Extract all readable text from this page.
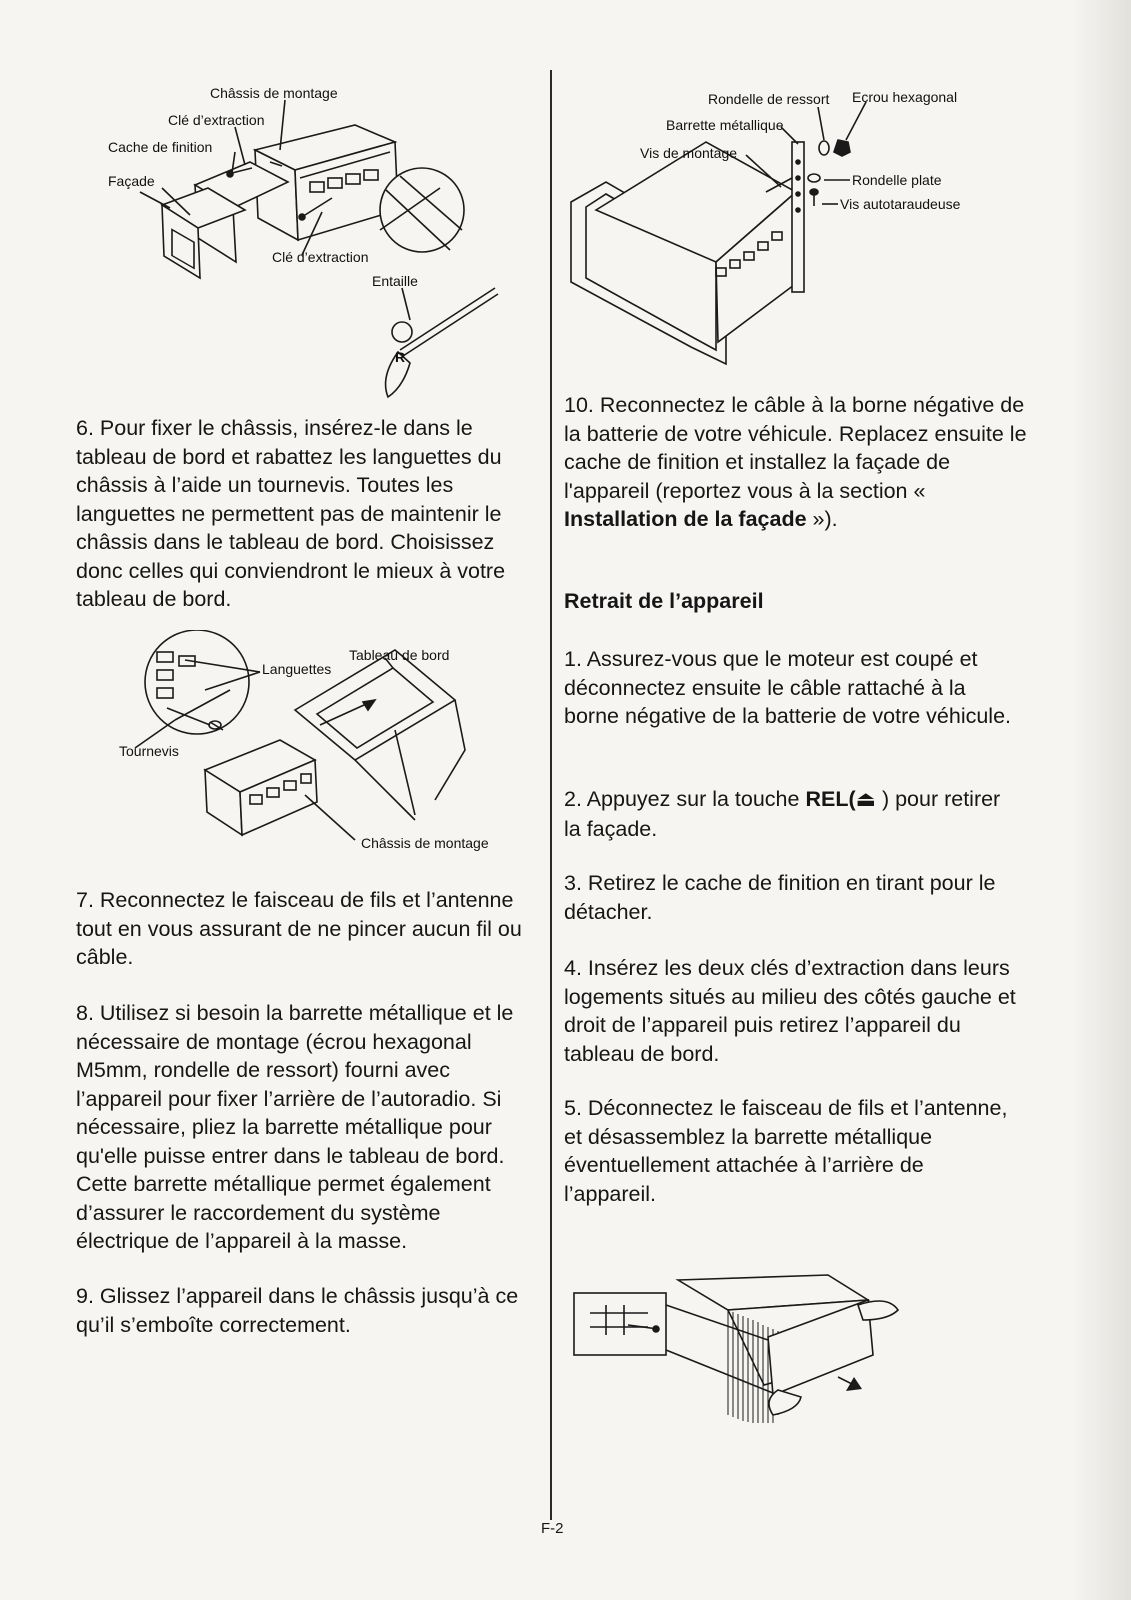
Châssis de montage
Clé d’extraction
Cache de finition
Façade
Clé d’extraction
Entaille
R

6. Pour fixer le châssis, insérez-le dans le tableau de bord et rabattez les languettes du châssis à l’aide un tournevis. Toutes les languettes ne permettent pas de maintenir le châssis dans le tableau de bord. Choisissez donc celles qui conviendront le mieux à votre tableau de bord.

Languettes
Tableau de bord
Tournevis
Châssis de montage

7. Reconnectez le faisceau de fils et l’antenne tout en vous assurant de ne pincer aucun fil ou câble.

8. Utilisez si besoin la barrette métallique et le nécessaire de montage (écrou hexagonal M5mm, rondelle de ressort) fourni avec l’appareil pour fixer l’arrière de l’autoradio. Si nécessaire, pliez la barrette métallique pour qu'elle puisse entrer dans le tableau de bord. Cette barrette métallique permet également d’assurer le raccordement du système électrique de l’appareil à la masse.

9. Glissez l’appareil dans le châssis jusqu’à ce qu’il s’emboîte correctement.

Rondelle de ressort Ecrou hexagonal
Barrette métallique
Vis de montage
Rondelle plate
Vis autotaraudeuse

10. Reconnectez le câble à la borne négative de la batterie de votre véhicule. Replacez ensuite le cache de finition et installez la façade de l'appareil (reportez vous à la section « Installation de la façade »).

Retrait de l’appareil

1. Assurez-vous que le moteur est coupé et déconnectez ensuite le câble rattaché à la borne négative de la batterie de votre véhicule.

2. Appuyez sur la touche REL(⏏ ) pour retirer la façade.

3. Retirez le cache de finition en tirant pour le détacher.

4. Insérez les deux clés d’extraction dans leurs logements situés au milieu des côtés gauche et droit de l’appareil puis retirez l’appareil du tableau de bord.

5. Déconnectez le faisceau de fils et l’antenne, et désassemblez la barrette métallique éventuellement attachée à l’arrière de l’appareil.

F-2
